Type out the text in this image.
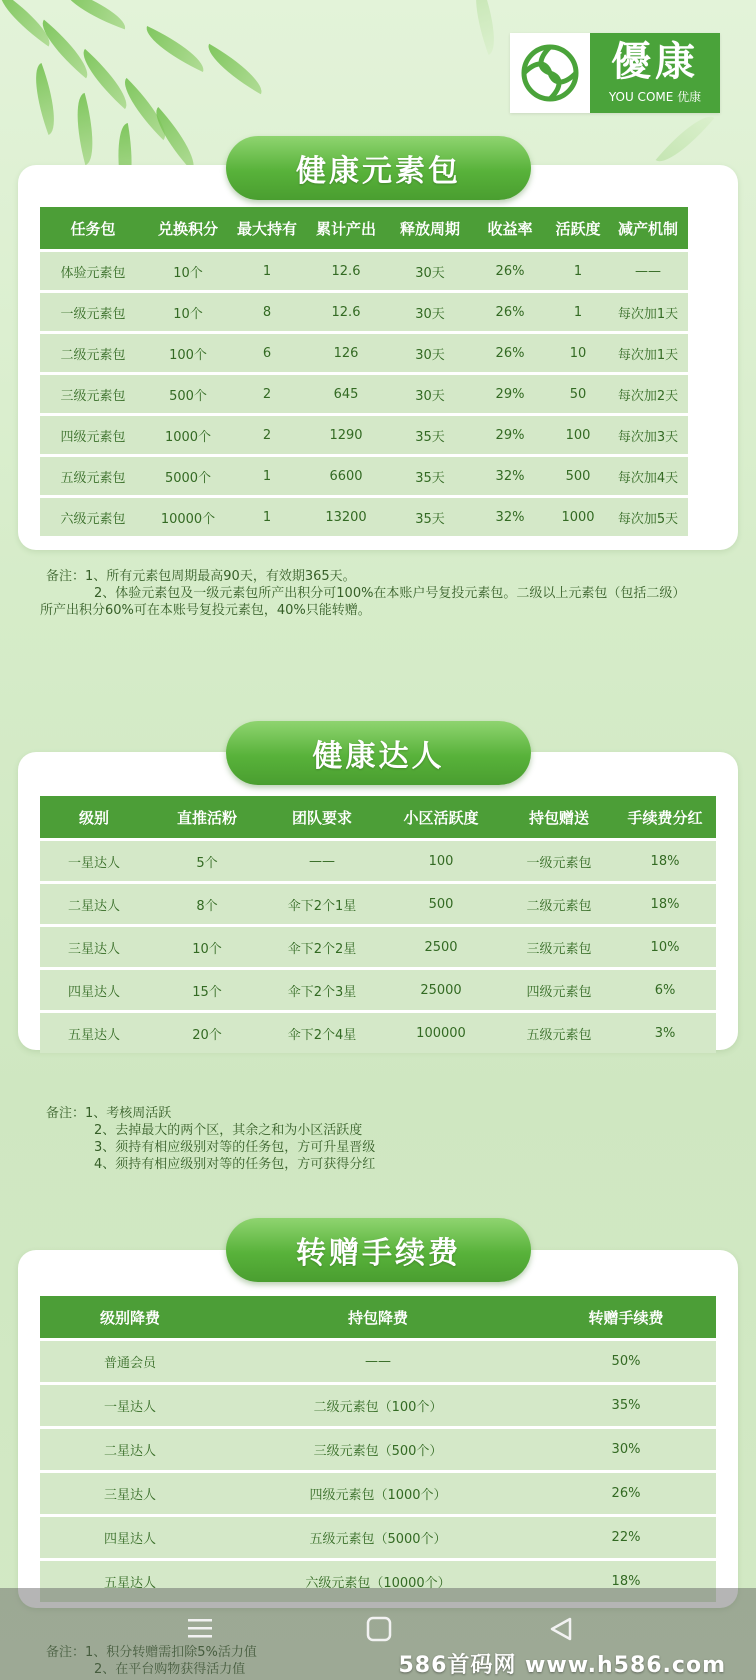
優康
YOU COME 优康
任务包	兑换积分	最大持有	累计产出	释放周期	收益率	活跃度	减产机制
体验元素包	10个	1	12.6	30天	26%	1	——
一级元素包	10个	8	12.6	30天	26%	1	每次加1天
二级元素包	100个	6	126	30天	26%	10	每次加1天
三级元素包	500个	2	645	30天	29%	50	每次加2天
四级元素包	1000个	2	1290	35天	29%	100	每次加3天
五级元素包	5000个	1	6600	35天	32%	500	每次加4天
六级元素包	10000个	1	13200	35天	32%	1000	每次加5天
健康元素包
备注：1、所有元素包周期最高90天，有效期365天。
2、体验元素包及一级元素包所产出积分可100%在本账户号复投元素包。二级以上元素包（包括二级）
所产出积分60%可在本账号复投元素包，40%只能转赠。
级别	直推活粉	团队要求	小区活跃度	持包赠送	手续费分红
一星达人	5个	——	100	一级元素包	18%
二星达人	8个	伞下2个1星	500	二级元素包	18%
三星达人	10个	伞下2个2星	2500	三级元素包	10%
四星达人	15个	伞下2个3星	25000	四级元素包	6%
五星达人	20个	伞下2个4星	100000	五级元素包	3%
健康达人
备注：1、考核周活跃
2、去掉最大的两个区，其余之和为小区活跃度
3、须持有相应级别对等的任务包，方可升星晋级
4、须持有相应级别对等的任务包，方可获得分红
级别降费	持包降费	转赠手续费
普通会员	——	50%
一星达人	二级元素包（100个）	35%
二星达人	三级元素包（500个）	30%
三星达人	四级元素包（1000个）	26%
四星达人	五级元素包（5000个）	22%
五星达人	六级元素包（10000个）	18%
转赠手续费
备注：1、积分转赠需扣除5%活力值
2、在平台购物获得活力值	586首码网 www.h586.com
